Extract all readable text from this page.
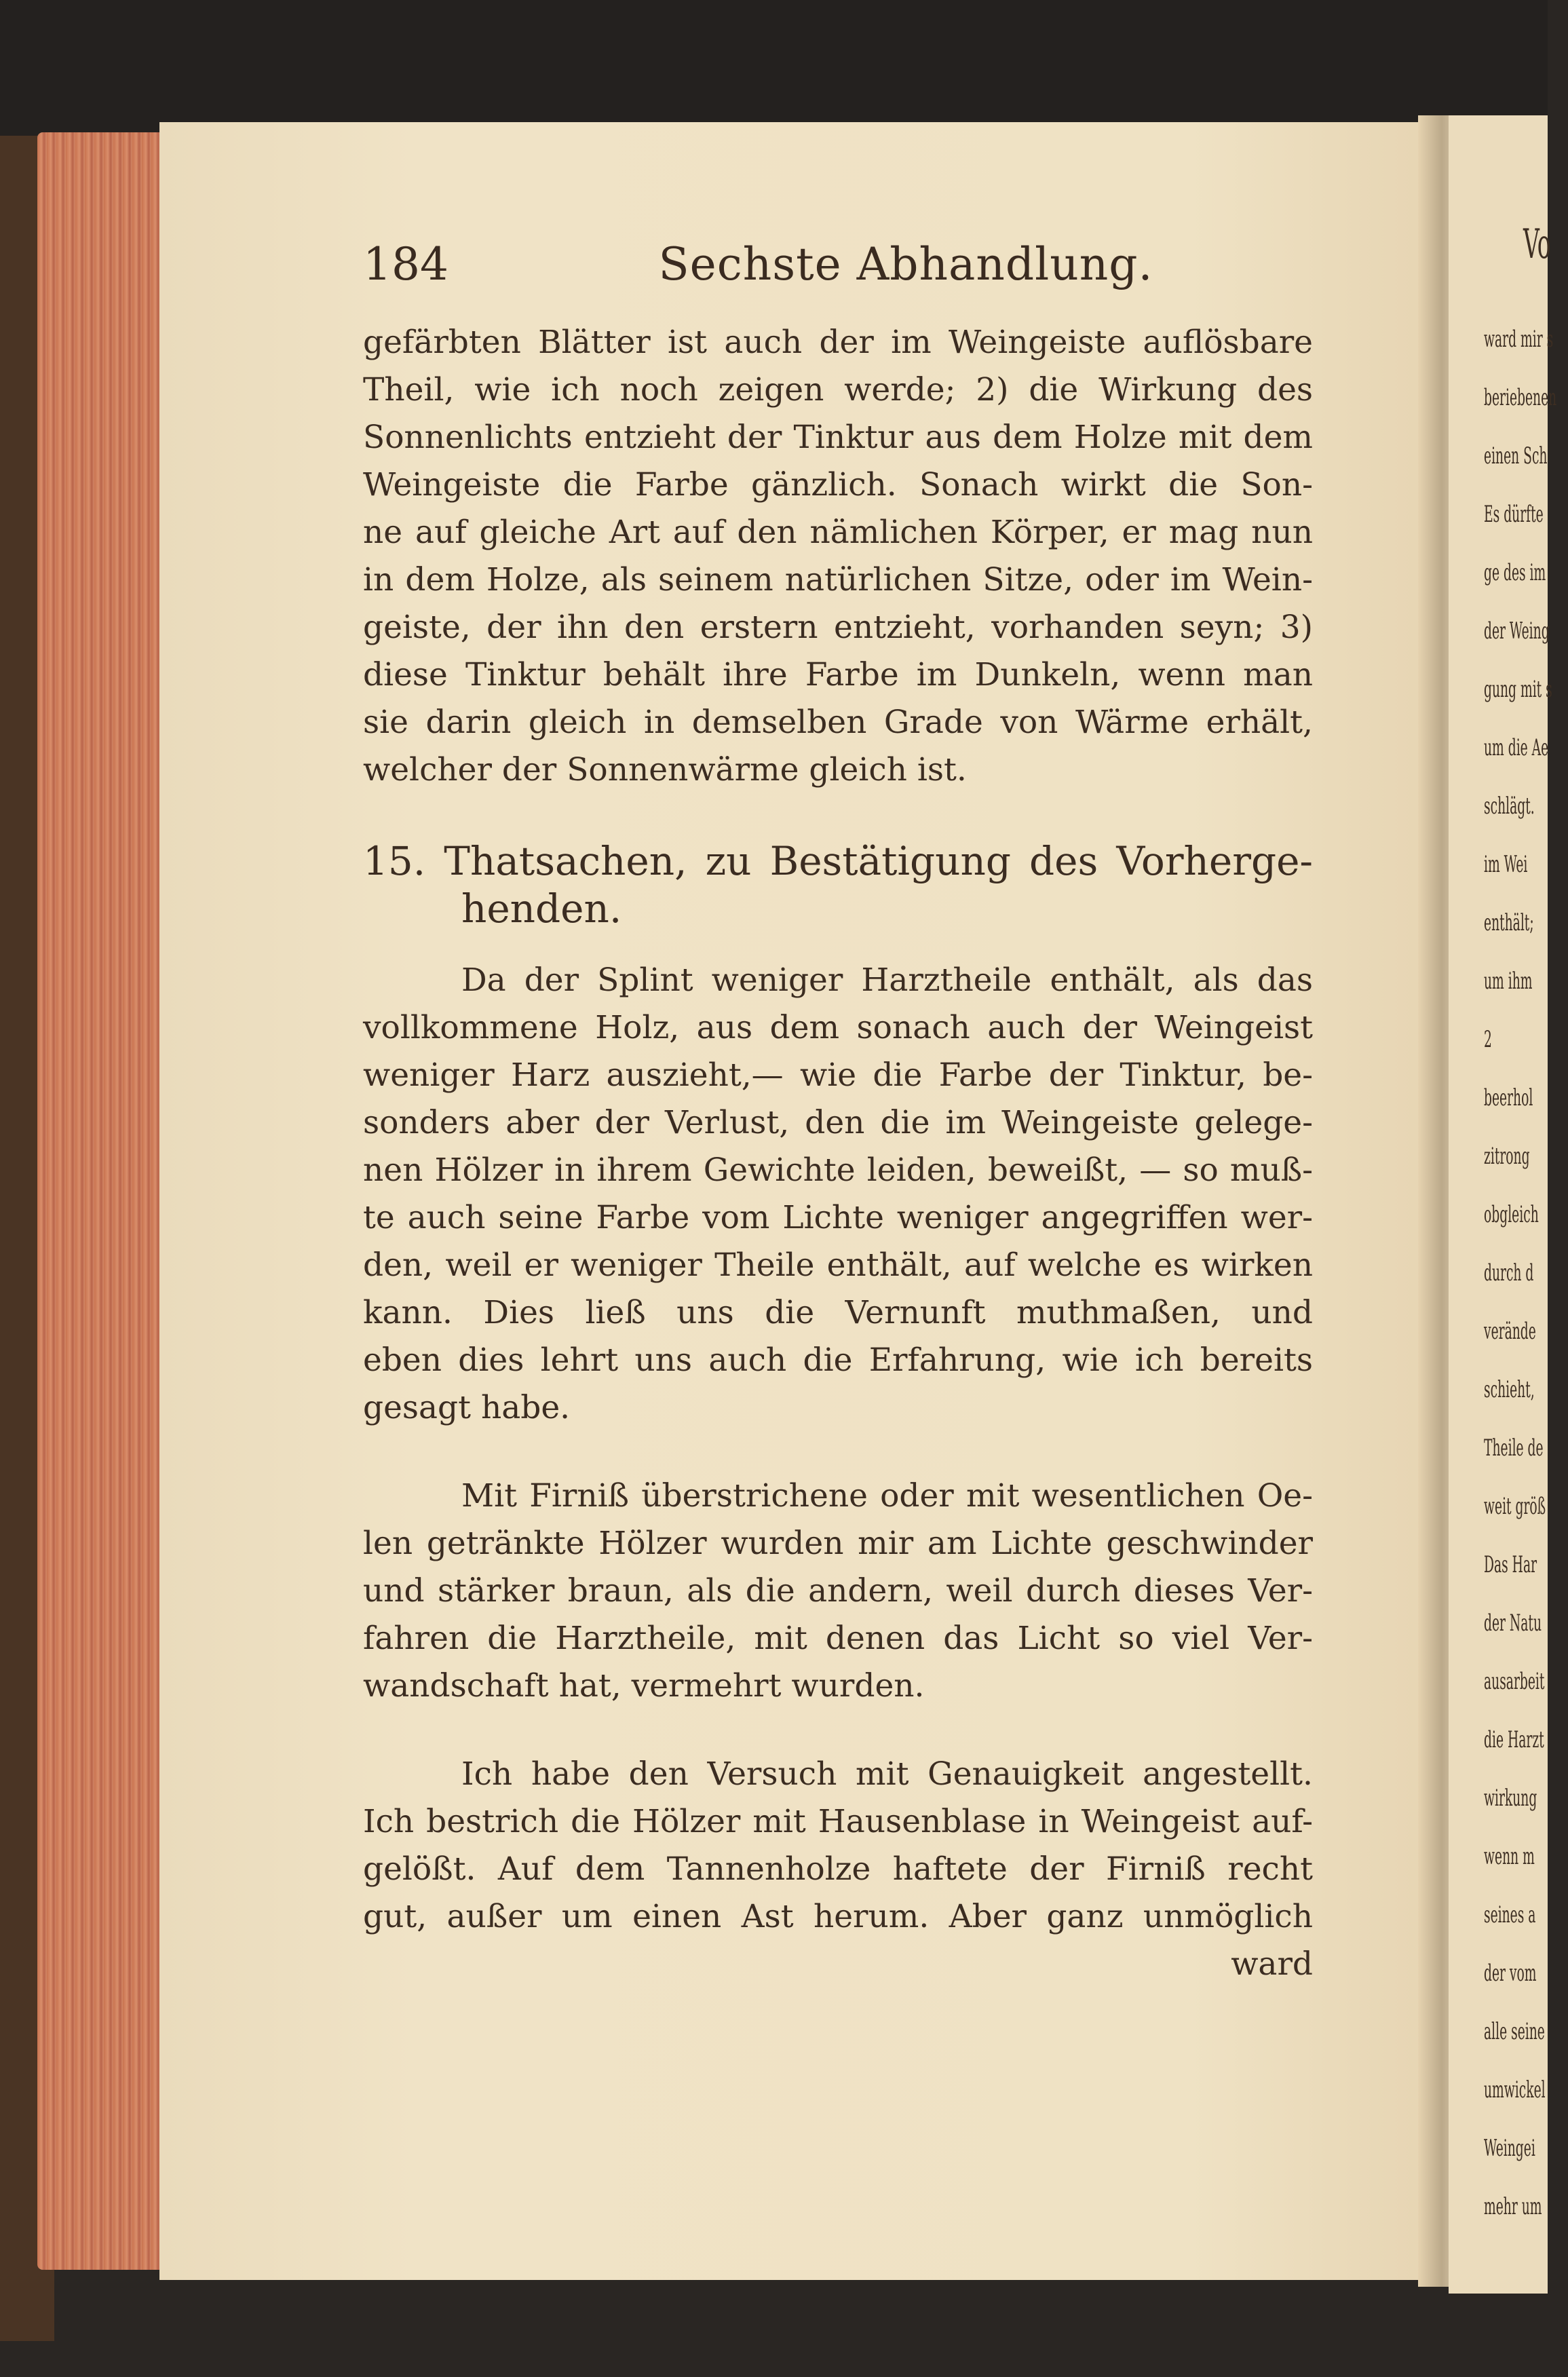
Vo
ward mir s
beriebenen
einen Sch
Es dürfte
ge des im
der Weing
gung mit s
um die Ae
schlägt.
im Wei
enthält;
um ihm
2
beerhol
zitrong
obgleich
durch d
verände
schieht,
Theile de
weit größ
Das Har
der Natu
ausarbeit
die Harzt
wirkung
wenn m
seines a
der vom
alle seine
umwickel
Weingei
mehr um
184	Sechste Abhandlung.
gefärbten Blätter ist auch der im Weingeiste auflösbare
Theil, wie ich noch zeigen werde; 2) die Wirkung des
Sonnenlichts entzieht der Tinktur aus dem Holze mit dem
Weingeiste die Farbe gänzlich. Sonach wirkt die Son-
ne auf gleiche Art auf den nämlichen Körper, er mag nun
in dem Holze, als seinem natürlichen Sitze, oder im Wein-
geiste, der ihn den erstern entzieht, vorhanden seyn; 3)
diese Tinktur behält ihre Farbe im Dunkeln, wenn man
sie darin gleich in demselben Grade von Wärme erhält,
welcher der Sonnenwärme gleich ist.
15. Thatsachen, zu Bestätigung des Vorherge-
henden.
Da der Splint weniger Harztheile enthält, als das
vollkommene Holz, aus dem sonach auch der Weingeist
weniger Harz auszieht,— wie die Farbe der Tinktur, be-
sonders aber der Verlust, den die im Weingeiste gelege-
nen Hölzer in ihrem Gewichte leiden, beweißt, — so muß-
te auch seine Farbe vom Lichte weniger angegriffen wer-
den, weil er weniger Theile enthält, auf welche es wirken
kann. Dies ließ uns die Vernunft muthmaßen, und
eben dies lehrt uns auch die Erfahrung, wie ich bereits
gesagt habe.
Mit Firniß überstrichene oder mit wesentlichen Oe-
len getränkte Hölzer wurden mir am Lichte geschwinder
und stärker braun, als die andern, weil durch dieses Ver-
fahren die Harztheile, mit denen das Licht so viel Ver-
wandschaft hat, vermehrt wurden.
Ich habe den Versuch mit Genauigkeit angestellt.
Ich bestrich die Hölzer mit Hausenblase in Weingeist auf-
gelößt. Auf dem Tannenholze haftete der Firniß recht
gut, außer um einen Ast herum. Aber ganz unmöglich
ward
